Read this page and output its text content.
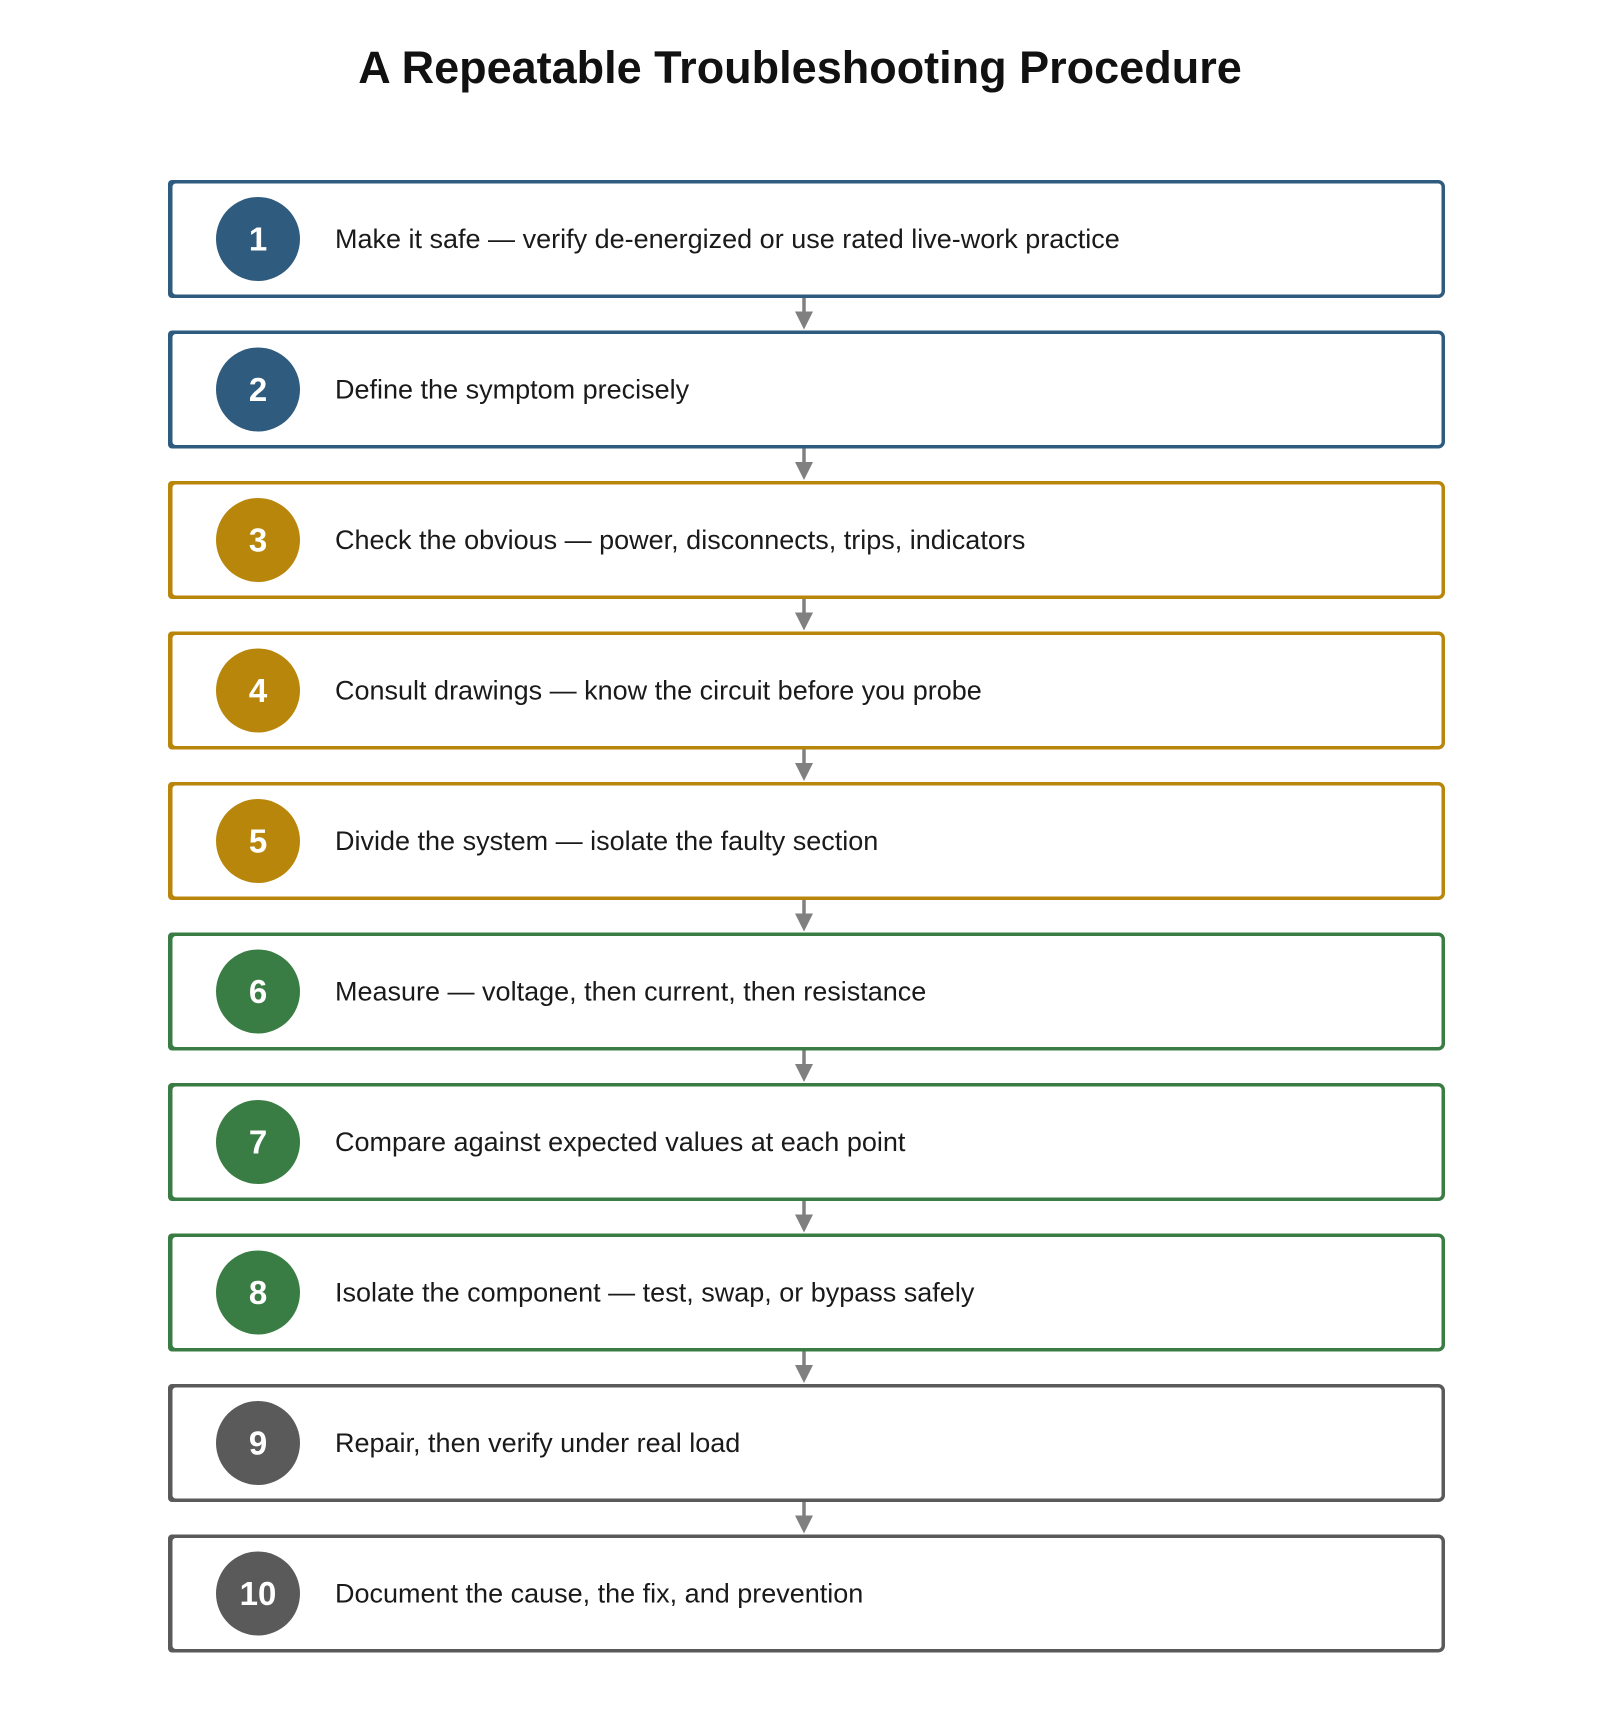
A Repeatable Troubleshooting Procedure
1	Make it safe — verify de-energized or use rated live-work practice
2	Define the symptom precisely
3	Check the obvious — power, disconnects, trips, indicators
4	Consult drawings — know the circuit before you probe
5	Divide the system — isolate the faulty section
6	Measure — voltage, then current, then resistance
7	Compare against expected values at each point
8	Isolate the component — test, swap, or bypass safely
9	Repair, then verify under real load
10 Document the cause, the fix, and prevention
